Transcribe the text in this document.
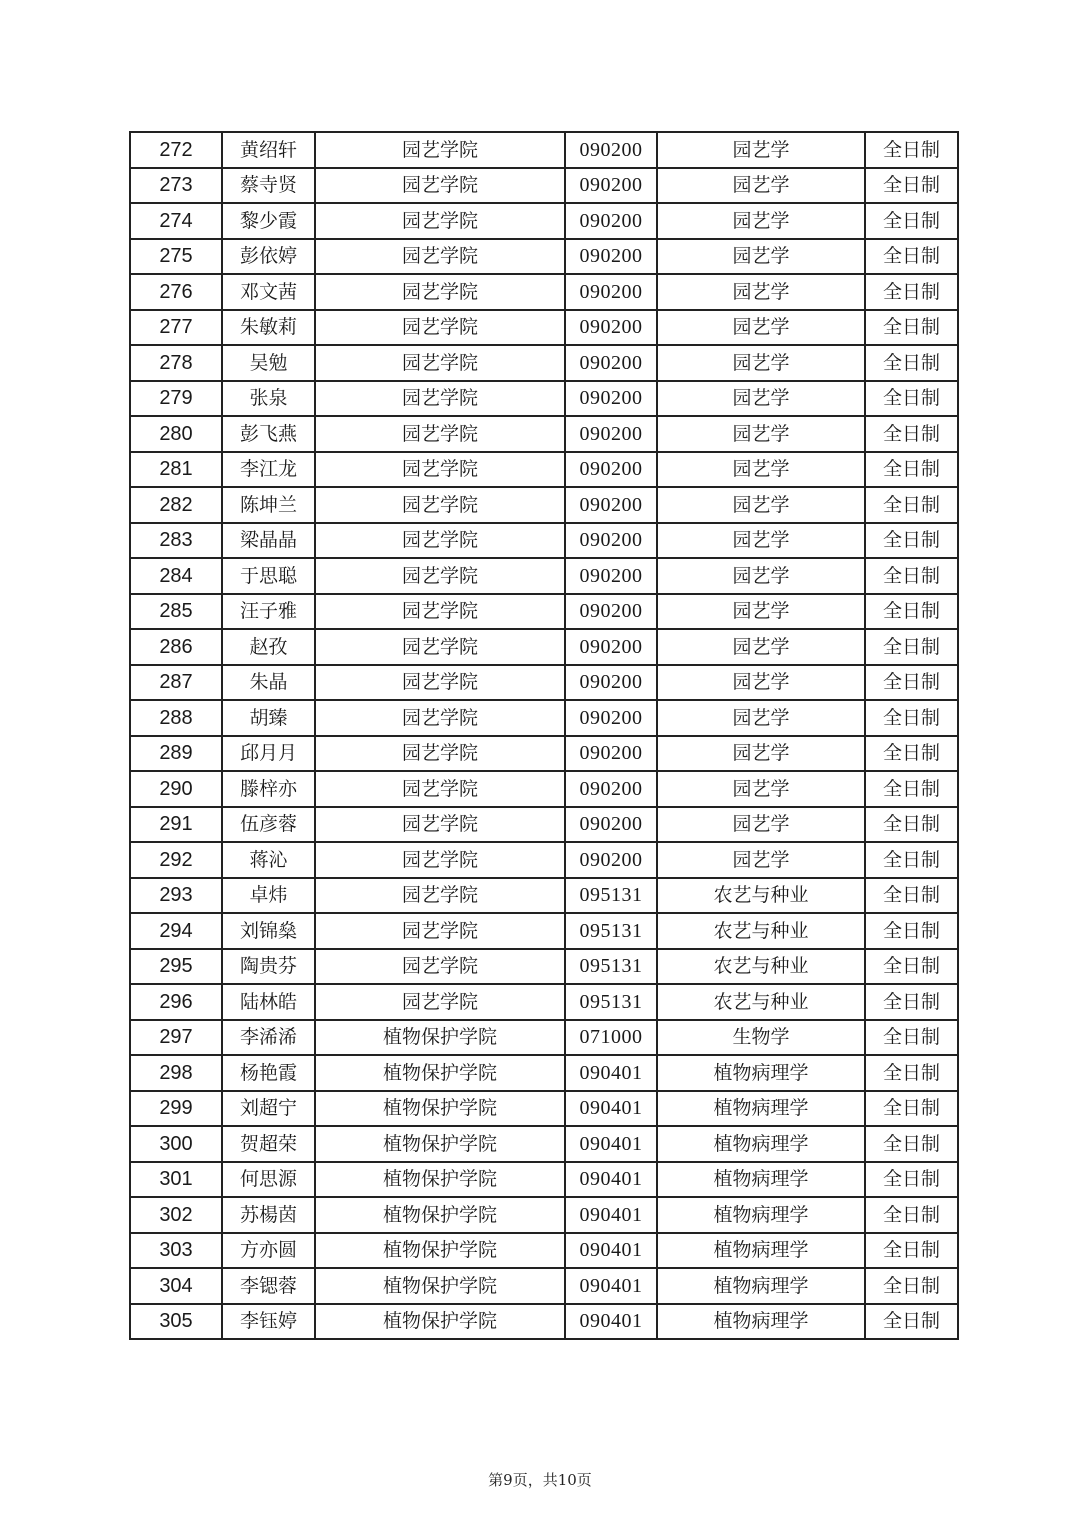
272	黄绍轩	园艺学院	090200	园艺学	全日制
273	蔡寺贤	园艺学院	090200	园艺学	全日制
274	黎少霞	园艺学院	090200	园艺学	全日制
275	彭依婷	园艺学院	090200	园艺学	全日制
276	邓文茜	园艺学院	090200	园艺学	全日制
277	朱敏莉	园艺学院	090200	园艺学	全日制
278	吴勉	园艺学院	090200	园艺学	全日制
279	张泉	园艺学院	090200	园艺学	全日制
280	彭飞燕	园艺学院	090200	园艺学	全日制
281	李江龙	园艺学院	090200	园艺学	全日制
282	陈坤兰	园艺学院	090200	园艺学	全日制
283	梁晶晶	园艺学院	090200	园艺学	全日制
284	于思聪	园艺学院	090200	园艺学	全日制
285	汪子雅	园艺学院	090200	园艺学	全日制
286	赵孜	园艺学院	090200	园艺学	全日制
287	朱晶	园艺学院	090200	园艺学	全日制
288	胡臻	园艺学院	090200	园艺学	全日制
289	邱月月	园艺学院	090200	园艺学	全日制
290	滕梓亦	园艺学院	090200	园艺学	全日制
291	伍彦蓉	园艺学院	090200	园艺学	全日制
292	蒋沁	园艺学院	090200	园艺学	全日制
293	卓炜	园艺学院	095131	农艺与种业	全日制
294	刘锦燊	园艺学院	095131	农艺与种业	全日制
295	陶贵芬	园艺学院	095131	农艺与种业	全日制
296	陆林皓	园艺学院	095131	农艺与种业	全日制
297	李浠浠	植物保护学院	071000	生物学	全日制
298	杨艳霞	植物保护学院	090401	植物病理学	全日制
299	刘超宁	植物保护学院	090401	植物病理学	全日制
300	贺超荣	植物保护学院	090401	植物病理学	全日制
301	何思源	植物保护学院	090401	植物病理学	全日制
302	苏楊茵	植物保护学院	090401	植物病理学	全日制
303	方亦圆	植物保护学院	090401	植物病理学	全日制
304	李锶蓉	植物保护学院	090401	植物病理学	全日制
305	李钰婷	植物保护学院	090401	植物病理学	全日制
第9页，共10页
